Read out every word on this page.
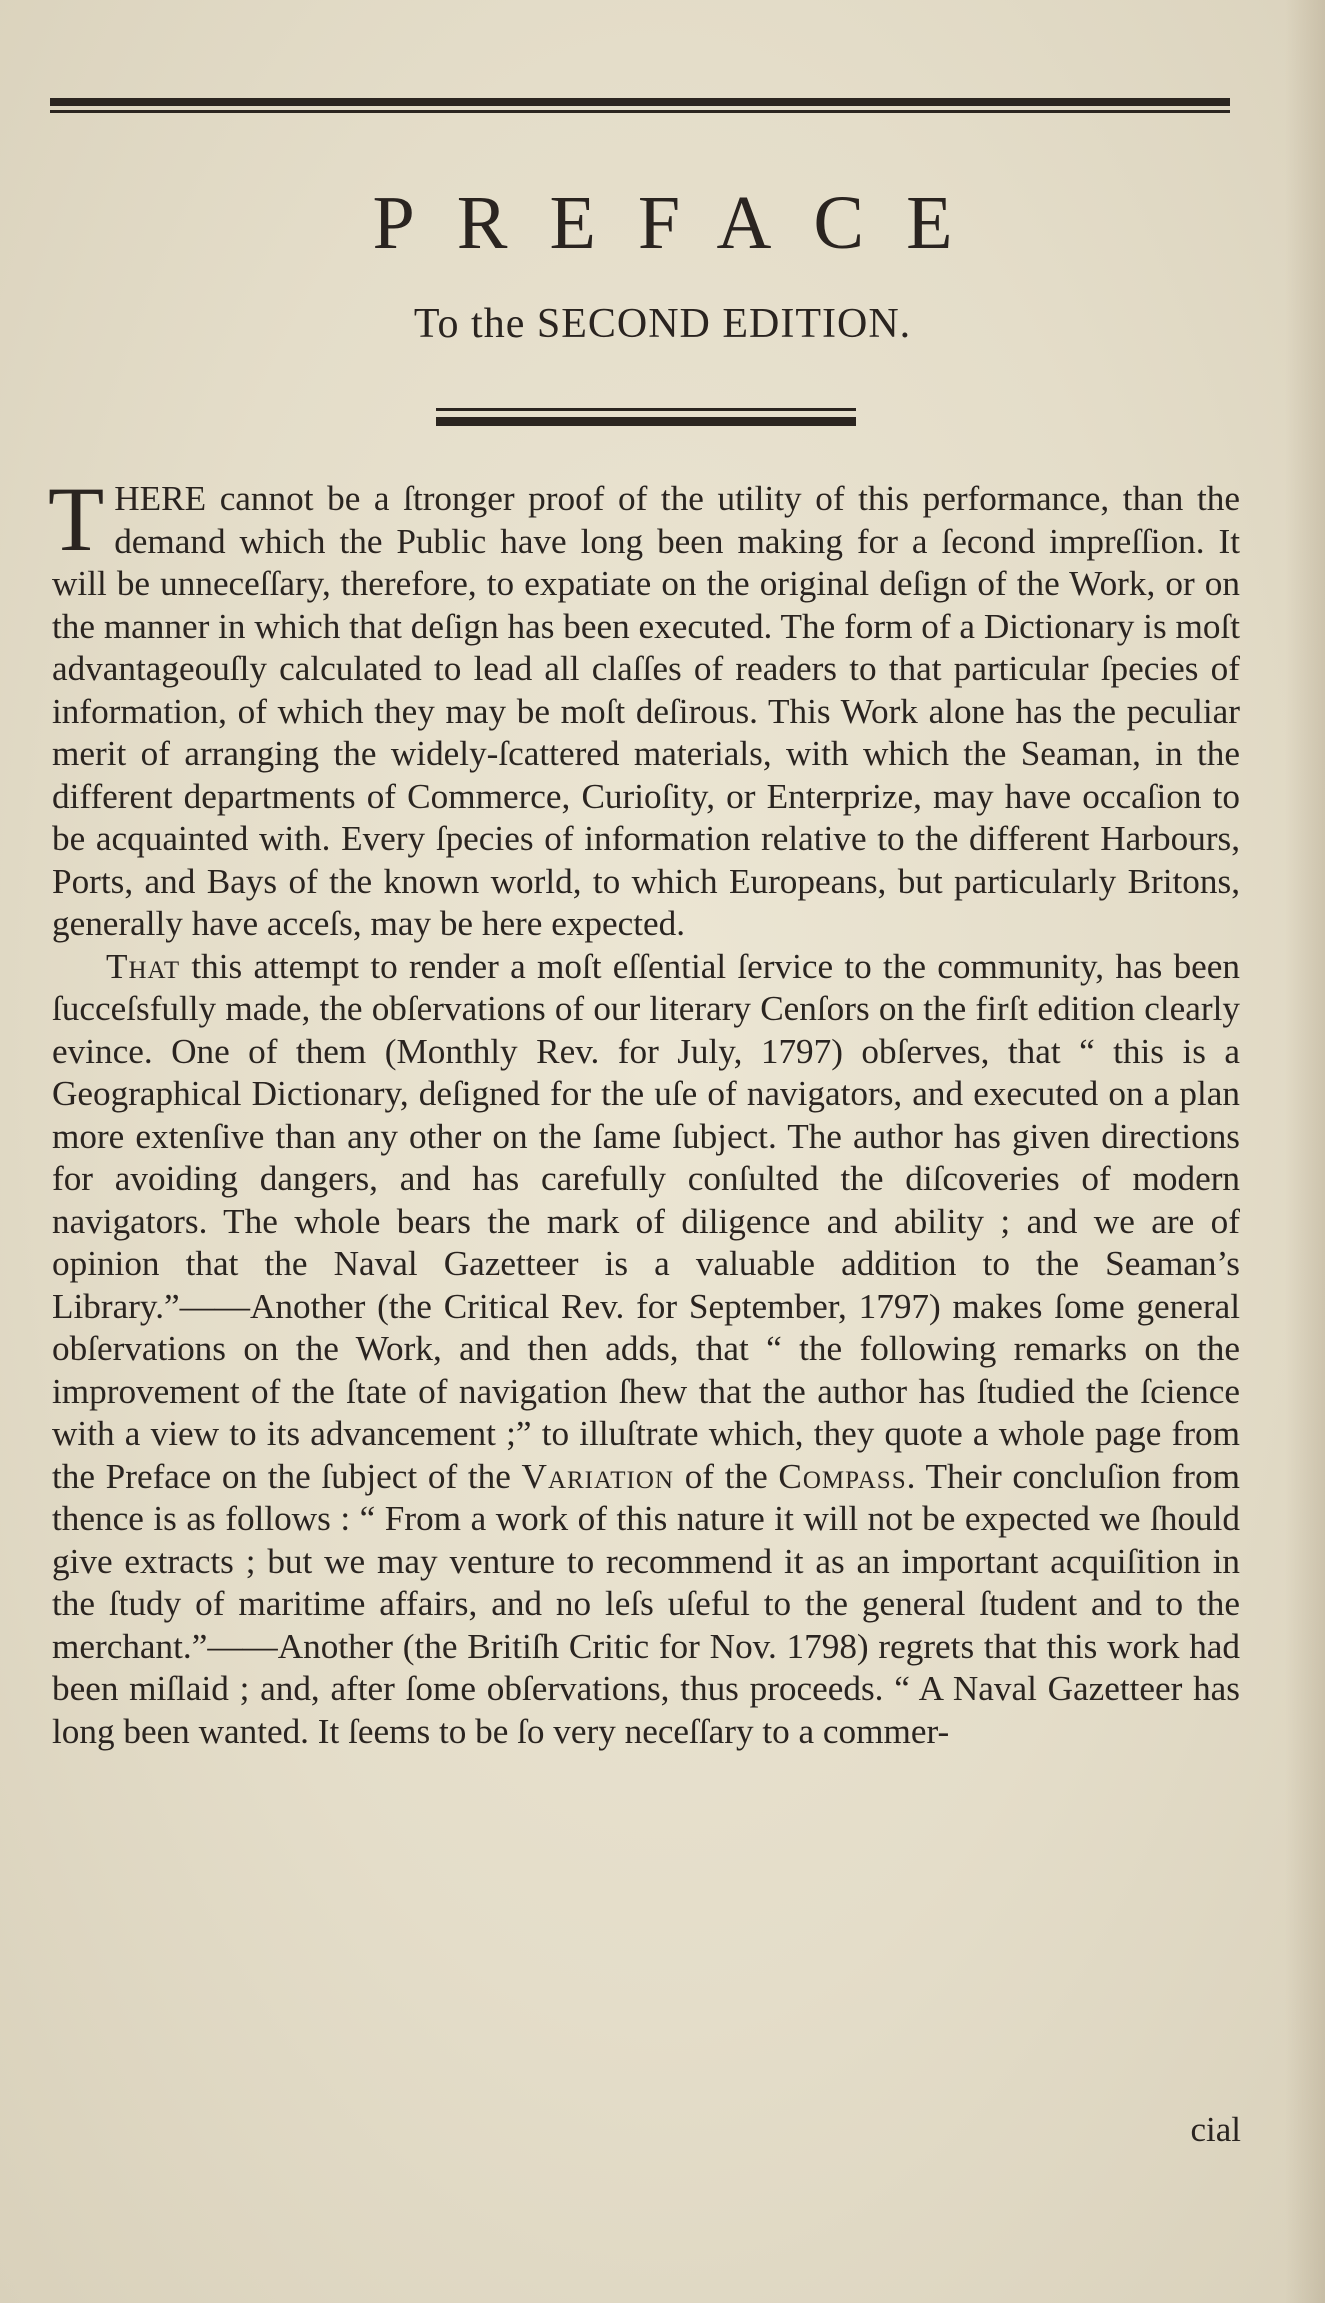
PREFACE
To the SECOND EDITION.

THERE cannot be a ſtronger proof of the utility of this performance, than the demand which the Public have long been making for a ſecond impreſſion. It will be unneceſſary, therefore, to expatiate on the original deſign of the Work, or on the manner in which that deſign has been executed. The form of a Dictionary is moſt advantageouſly calculated to lead all claſſes of readers to that particular ſpecies of information, of which they may be moſt deſirous. This Work alone has the peculiar merit of arranging the widely-ſcattered materials, with which the Seaman, in the different departments of Commerce, Curioſity, or Enterprize, may have occaſion to be acquainted with. Every ſpecies of information relative to the different Harbours, Ports, and Bays of the known world, to which Europeans, but particularly Britons, generally have acceſs, may be here expected.

That this attempt to render a moſt eſſential ſervice to the community, has been ſucceſsfully made, the obſervations of our literary Cenſors on the firſt edition clearly evince. One of them (Monthly Rev. for July, 1797) obſerves, that “ this is a Geographical Dictionary, deſigned for the uſe of navigators, and executed on a plan more extenſive than any other on the ſame ſubject. The author has given directions for avoiding dangers, and has carefully conſulted the diſcoveries of modern navigators. The whole bears the mark of diligence and ability ; and we are of opinion that the Naval Gazetteer is a valuable addition to the Seaman’s Library.”——Another (the Critical Rev. for September, 1797) makes ſome general obſervations on the Work, and then adds, that “ the following remarks on the improvement of the ſtate of navigation ſhew that the author has ſtudied the ſcience with a view to its advancement ;” to illuſtrate which, they quote a whole page from the Preface on the ſubject of the Variation of the Compass. Their concluſion from thence is as follows : “ From a work of this nature it will not be expected we ſhould give extracts ; but we may venture to recommend it as an important acquiſition in the ſtudy of maritime affairs, and no leſs uſeful to the general ſtudent and to the merchant.”——Another (the Britiſh Critic for Nov. 1798) regrets that this work had been miſlaid ; and, after ſome obſervations, thus proceeds. “ A Naval Gazetteer has long been wanted. It ſeems to be ſo very neceſſary to a commer-

cial
